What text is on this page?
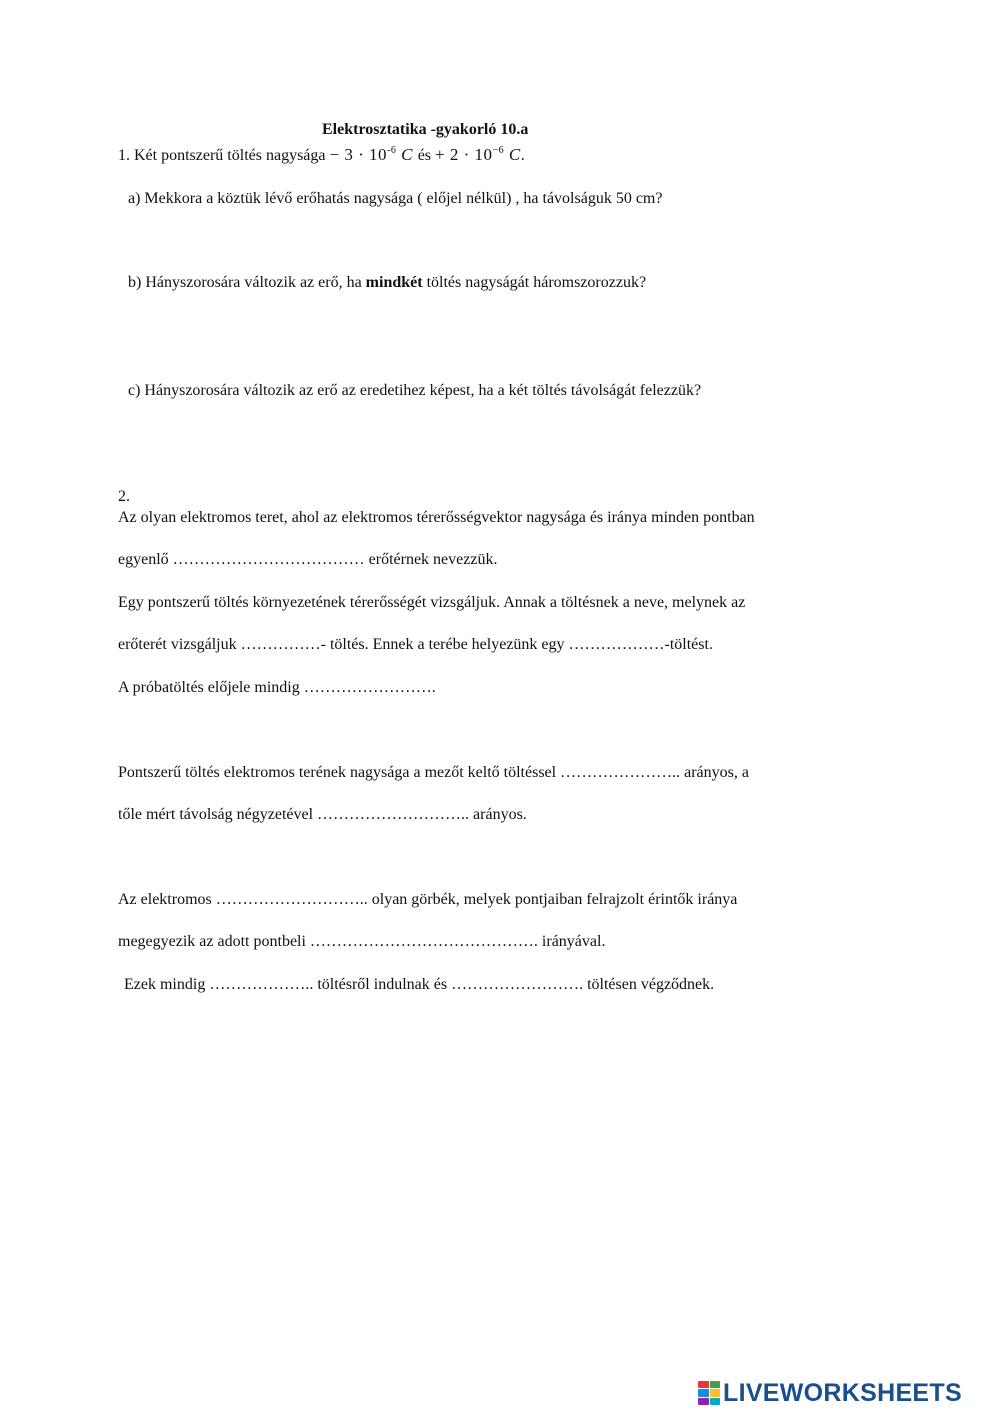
Elektrosztatika -gyakorló 10.a
1. Két pontszerű töltés nagysága − $3 \cdot 10^{-6}$ C és + $2 \cdot 10^{-6}$ C.
a) Mekkora a köztük lévő erőhatás nagysága ( előjel nélkül) , ha távolságuk 50 cm?
b) Hányszorosára változik az erő, ha mindkét töltés nagyságát háromszorozzuk?
c) Hányszorosára változik az erő az eredetihez képest, ha a két töltés távolságát felezzük?
2.
Az olyan elektromos teret, ahol az elektromos térerősségvektor nagysága és iránya minden pontban
egyenlő ……………………………… erőtérnek nevezzük.
Egy pontszerű töltés környezetének térerősségét vizsgáljuk. Annak a töltésnek a neve, melynek az
erőterét vizsgáljuk ……………- töltés. Ennek a terébe helyezünk egy ………………-töltést.
A próbatöltés előjele mindig …………………….
Pontszerű töltés elektromos terének nagysága a mezőt keltő töltéssel ………………….. arányos, a
tőle mért távolság négyzetével ……………………….. arányos.
Az elektromos ……………………….. olyan görbék, melyek pontjaiban felrajzolt érintők iránya
megegyezik az adott pontbeli ……………………………………. irányával.
Ezek mindig ……………….. töltésről indulnak és ……………………. töltésen végződnek.
LIVEWORKSHEETS
